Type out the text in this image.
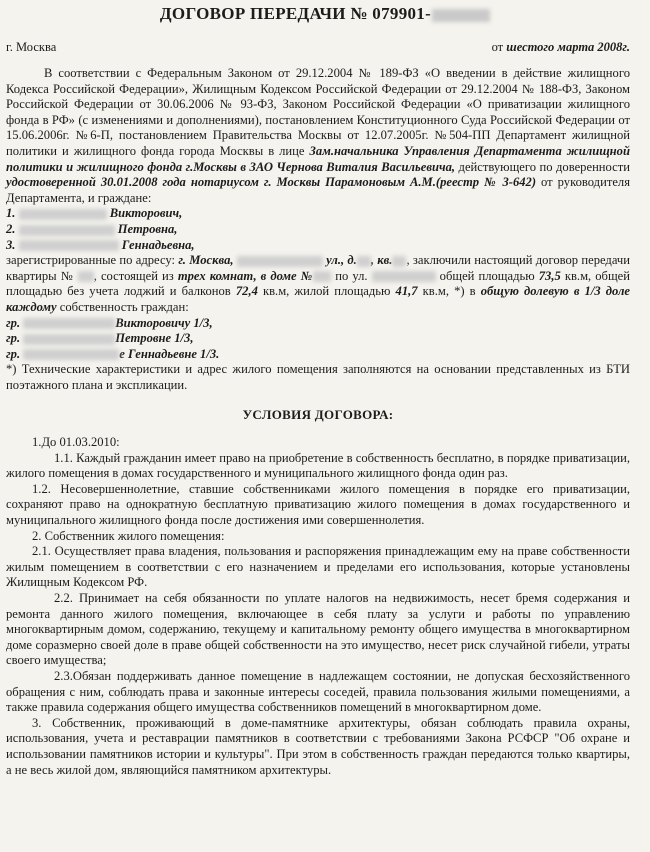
ДОГОВОР ПЕРЕДАЧИ № 079901-
г. Москва	от шестого марта 2008г.

В соответствии с Федеральным Законом от 29.12.2004 № 189-ФЗ «О введении в действие жилищного Кодекса Российской Федерации», Жилищным Кодексом Российской Федерации от 29.12.2004 № 188-ФЗ, Законом Российской Федерации от 30.06.2006 № 93-ФЗ, Законом Российской Федерации «О приватизации жилищного фонда в РФ» (с изменениями и дополнениями), постановлением Конституционного Суда Российской Федерации от 15.06.2006г. №6-П, постановлением Правительства Москвы от 12.07.2005г. №504-ПП Департамент жилищной политики и жилищного фонда города Москвы в лице Зам.начальника Управления Департамента жилищной политики и жилищного фонда г.Москвы в ЗАО Чернова Виталия Васильевича, действующего по доверенности удостоверенной 30.01.2008 года нотариусом г. Москвы Парамоновым А.М.(реестр № 3-642) от руководителя Департамента, и граждане:

1.	Викторович,

2.	Петровна,

3.	Геннадьевна,

зарегистрированные по адресу: г. Москва,	ул., д. , кв. , заключили настоящий договор передачи квартиры № , состоящей из трех комнат, в доме № по ул.	общей площадью 73,5 кв.м, общей площадью без учета лоджий и балконов 72,4 кв.м, жилой площадью 41,7 кв.м, *) в общую долевую в 1/3 доле каждому собственность граждан:

гр.	Викторовичу 1/3,

гр.	Петровне 1/3,

гр.	е Геннадьевне 1/3.

*) Технические характеристики и адрес жилого помещения заполняются на основании представленных из БТИ поэтажного плана и экспликации.

УСЛОВИЯ ДОГОВОРА:

1.До 01.03.2010:

1.1. Каждый гражданин имеет право на приобретение в собственность бесплатно, в порядке приватизации, жилого помещения в домах государственного и муниципального жилищного фонда один раз.

1.2. Несовершеннолетние, ставшие собственниками жилого помещения в порядке его приватизации, сохраняют право на однократную бесплатную приватизацию жилого помещения в домах государственного и муниципального жилищного фонда после достижения ими совершеннолетия.

2. Собственник жилого помещения:

2.1. Осуществляет права владения, пользования и распоряжения принадлежащим ему на праве собственности жилым помещением в соответствии с его назначением и пределами его использования, которые установлены Жилищным Кодексом РФ.

2.2. Принимает на себя обязанности по уплате налогов на недвижимость, несет бремя содержания и ремонта данного жилого помещения, включающее в себя плату за услуги и работы по управлению многоквартирным домом, содержанию, текущему и капитальному ремонту общего имущества в многоквартирном доме соразмерно своей доле в праве общей собственности на это имущество, несет риск случайной гибели, утраты своего имущества;

2.3.Обязан поддерживать данное помещение в надлежащем состоянии, не допуская бесхозяйственного обращения с ним, соблюдать права и законные интересы соседей, правила пользования жилыми помещениями, а также правила содержания общего имущества собственников помещений в многоквартирном доме.

3. Собственник, проживающий в доме-памятнике архитектуры, обязан соблюдать правила охраны, использования, учета и реставрации памятников в соответствии с требованиями Закона РСФСР "Об охране и использовании памятников истории и культуры". При этом в собственность граждан передаются только квартиры, а не весь жилой дом, являющийся памятником архитектуры.
